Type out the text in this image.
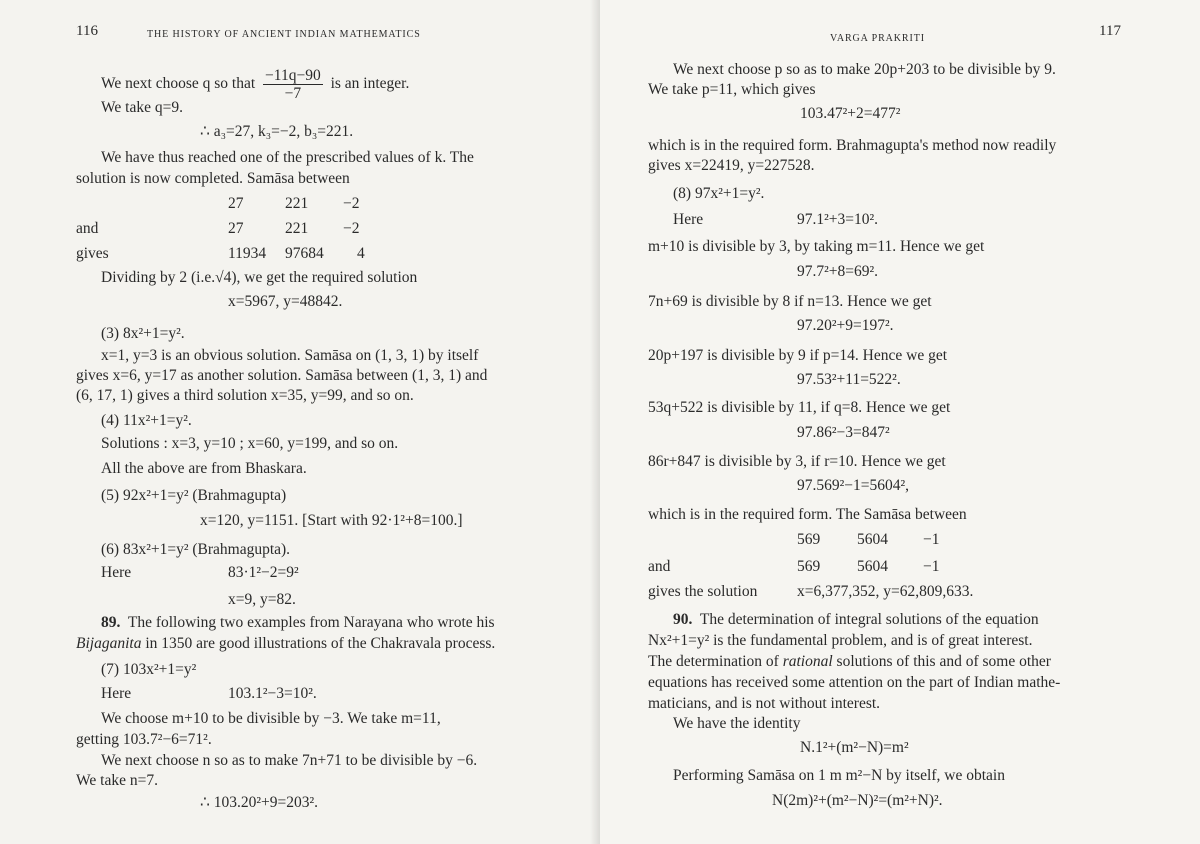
116	THE HISTORY OF ANCIENT INDIAN MATHEMATICS
We next choose q so that $\frac{-11q-90}{-7}$ is an integer.
We take q=9.
∴ a₃=27, k₃=−2, b₃=221.
We have thus reached one of the prescribed values of k. The
solution is now completed. Samāsa between
27	221 −2
and	27	221 −2
gives	11934 97684 4
Dividing by 2 (i.e.√4), we get the required solution
x=5967, y=48842.
(3) 8x²+1=y².
x=1, y=3 is an obvious solution. Samāsa on (1, 3, 1) by itself
gives x=6, y=17 as another solution. Samāsa between (1, 3, 1) and
(6, 17, 1) gives a third solution x=35, y=99, and so on.
(4) 11x²+1=y².
Solutions : x=3, y=10 ; x=60, y=199, and so on.
All the above are from Bhaskara.
(5) 92x²+1=y² (Brahmagupta)
x=120, y=1151. [Start with 92·1²+8=100.]
(6) 83x²+1=y² (Brahmagupta).
Here	83·1²−2=9²
x=9, y=82.
89. The following two examples from Narayana who wrote his
Bijaganita in 1350 are good illustrations of the Chakravala process.
(7) 103x²+1=y²
Here	103.1²−3=10².
We choose m+10 to be divisible by −3. We take m=11,
getting 103.7²−6=71².
We next choose n so as to make 7n+71 to be divisible by −6.
We take n=7.
∴ 103.20²+9=203².
VARGA PRAKRITI	117
We next choose p so as to make 20p+203 to be divisible by 9.
We take p=11, which gives
103.47²+2=477²
which is in the required form. Brahmagupta's method now readily
gives x=22419, y=227528.
(8) 97x²+1=y².
Here	97.1²+3=10².
m+10 is divisible by 3, by taking m=11. Hence we get
97.7²+8=69².
7n+69 is divisible by 8 if n=13. Hence we get
97.20²+9=197².
20p+197 is divisible by 9 if p=14. Hence we get
97.53²+11=522².
53q+522 is divisible by 11, if q=8. Hence we get
97.86²−3=847²
86r+847 is divisible by 3, if r=10. Hence we get
97.569²−1=5604²,
which is in the required form. The Samāsa between
569 5604 −1
and	569 5604 −1
gives the solution	x=6,377,352, y=62,809,633.
90. The determination of integral solutions of the equation
Nx²+1=y² is the fundamental problem, and is of great interest.
The determination of rational solutions of this and of some other
equations has received some attention on the part of Indian mathe-
maticians, and is not without interest.
We have the identity
N.1²+(m²−N)=m²
Performing Samāsa on 1 m m²−N by itself, we obtain
N(2m)²+(m²−N)²=(m²+N)².
